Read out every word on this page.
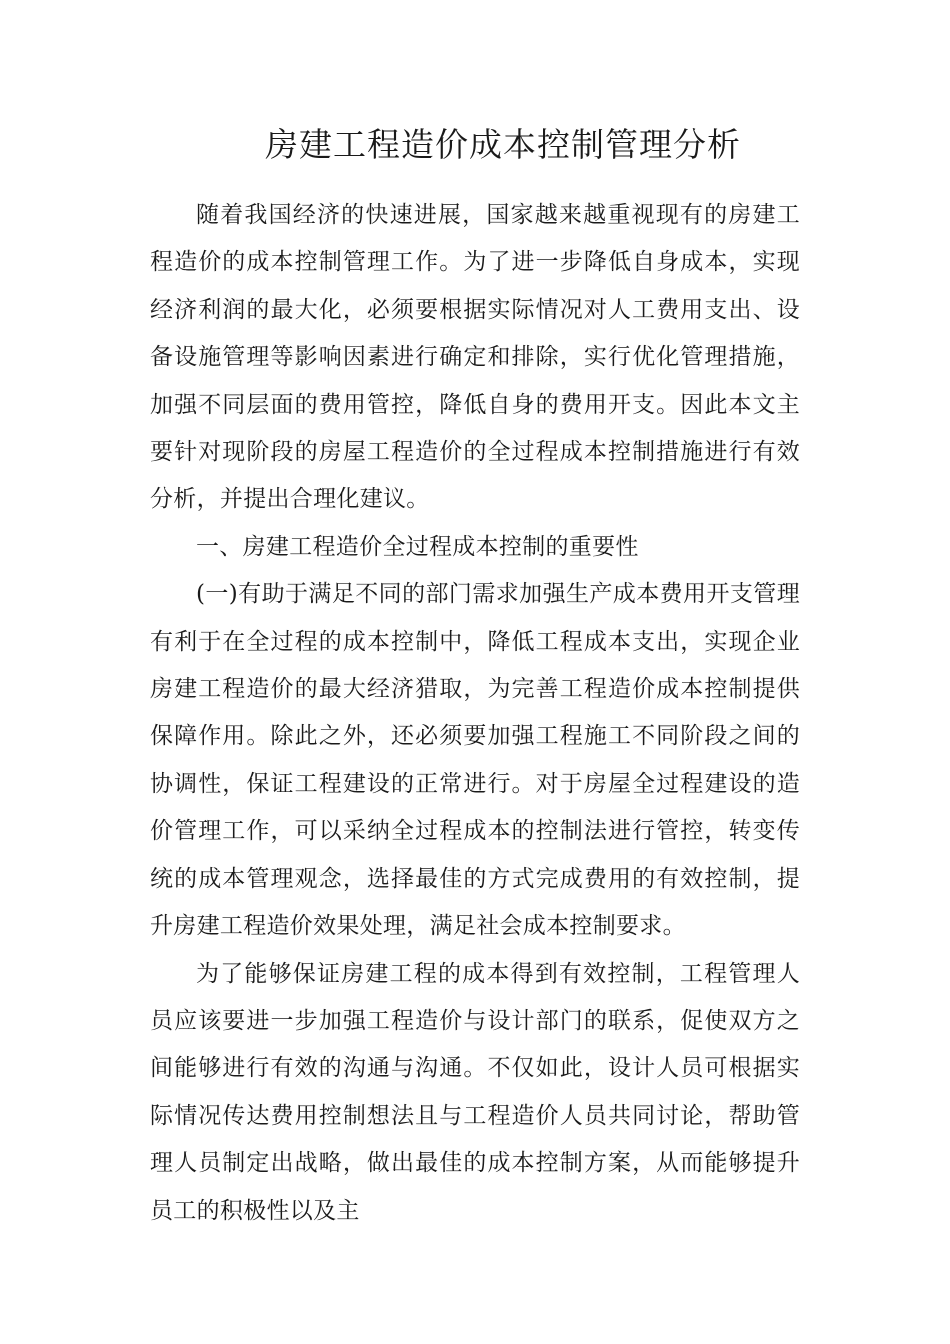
房建工程造价成本控制管理分析

随着我国经济的快速进展，国家越来越重视现有的房建工程造价的成本控制管理工作。为了进一步降低自身成本，实现经济利润的最大化，必须要根据实际情况对人工费用支出、设备设施管理等影响因素进行确定和排除，实行优化管理措施，加强不同层面的费用管控，降低自身的费用开支。因此本文主要针对现阶段的房屋工程造价的全过程成本控制措施进行有效分析，并提出合理化建议。

一、房建工程造价全过程成本控制的重要性

(一)有助于满足不同的部门需求加强生产成本费用开支管理有利于在全过程的成本控制中，降低工程成本支出，实现企业房建工程造价的最大经济猎取，为完善工程造价成本控制提供保障作用。除此之外，还必须要加强工程施工不同阶段之间的协调性，保证工程建设的正常进行。对于房屋全过程建设的造价管理工作，可以采纳全过程成本的控制法进行管控，转变传统的成本管理观念，选择最佳的方式完成费用的有效控制，提升房建工程造价效果处理，满足社会成本控制要求。

为了能够保证房建工程的成本得到有效控制，工程管理人员应该要进一步加强工程造价与设计部门的联系，促使双方之间能够进行有效的沟通与沟通。不仅如此，设计人员可根据实际情况传达费用控制想法且与工程造价人员共同讨论，帮助管理人员制定出战略，做出最佳的成本控制方案，从而能够提升员工的积极性以及主
